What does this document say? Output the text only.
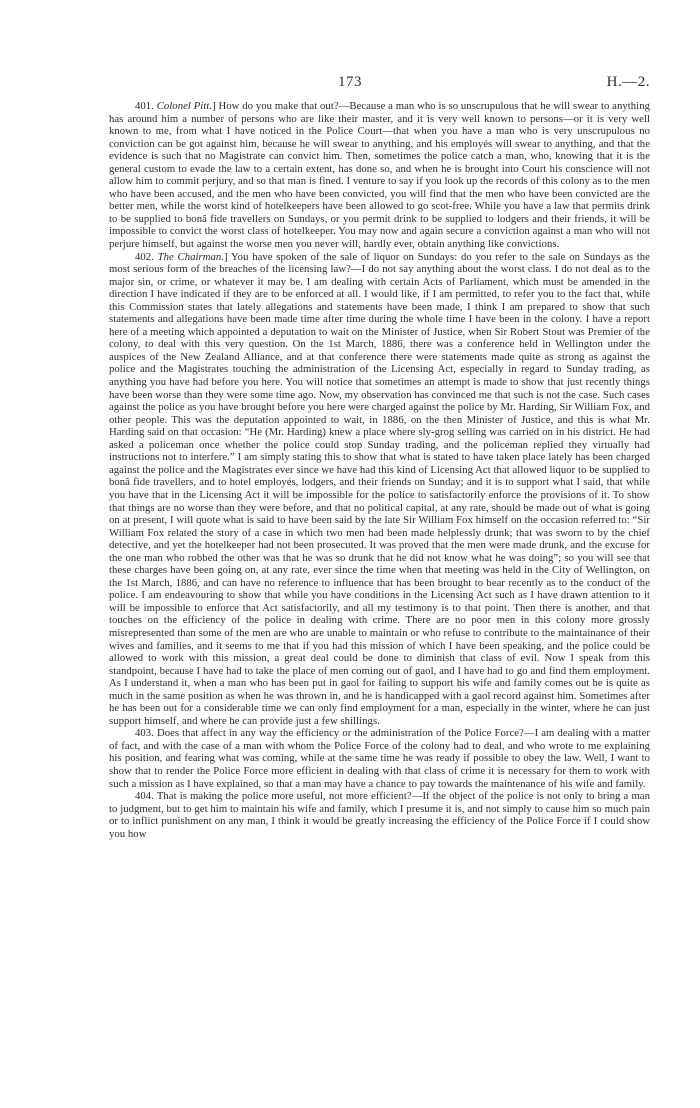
173	H.—2.

401. Colonel Pitt.] How do you make that out?—Because a man who is so unscrupulous that he will swear to anything has around him a number of persons who are like their master, and it is very well known to persons—or it is very well known to me, from what I have noticed in the Police Court—that when you have a man who is very unscrupulous no conviction can be got against him, because he will swear to anything, and his employés will swear to anything, and that the evidence is such that no Magistrate can convict him. Then, sometimes the police catch a man, who, knowing that it is the general custom to evade the law to a certain extent, has done so, and when he is brought into Court his conscience will not allow him to commit perjury, and so that man is fined. I venture to say if you look up the records of this colony as to the men who have been accused, and the men who have been convicted, you will find that the men who have been convicted are the better men, while the worst kind of hotelkeepers have been allowed to go scot-free. While you have a law that permits drink to be supplied to bonâ fide travellers on Sundays, or you permit drink to be supplied to lodgers and their friends, it will be impossible to convict the worst class of hotelkeeper. You may now and again secure a conviction against a man who will not perjure himself, but against the worse men you never will, hardly ever, obtain anything like convictions.

402. The Chairman.] You have spoken of the sale of liquor on Sundays: do you refer to the sale on Sundays as the most serious form of the breaches of the licensing law?—I do not say anything about the worst class. I do not deal as to the major sin, or crime, or whatever it may be. I am dealing with certain Acts of Parliament, which must be amended in the direction I have indicated if they are to be enforced at all. I would like, if I am permitted, to refer you to the fact that, while this Commission states that lately allegations and statements have been made, I think I am prepared to show that such statements and allegations have been made time after time during the whole time I have been in the colony. I have a report here of a meeting which appointed a deputation to wait on the Minister of Justice, when Sir Robert Stout was Premier of the colony, to deal with this very question. On the 1st March, 1886, there was a conference held in Wellington under the auspices of the New Zealand Alliance, and at that conference there were statements made quite as strong as against the police and the Magistrates touching the administration of the Licensing Act, especially in regard to Sunday trading, as anything you have had before you here. You will notice that sometimes an attempt is made to show that just recently things have been worse than they were some time ago. Now, my observation has convinced me that such is not the case. Such cases against the police as you have brought before you here were charged against the police by Mr. Harding, Sir William Fox, and other people. This was the deputation appointed to wait, in 1886, on the then Minister of Justice, and this is what Mr. Harding said on that occasion: “He (Mr. Harding) knew a place where sly-grog selling was carried on in his district. He had asked a policeman once whether the police could stop Sunday trading, and the policeman replied they virtually had instructions not to interfere.” I am simply stating this to show that what is stated to have taken place lately has been charged against the police and the Magistrates ever since we have had this kind of Licensing Act that allowed liquor to be supplied to bonâ fide travellers, and to hotel employés, lodgers, and their friends on Sunday; and it is to support what I said, that while you have that in the Licensing Act it will be impossible for the police to satisfactorily enforce the provisions of it. To show that things are no worse than they were before, and that no political capital, at any rate, should be made out of what is going on at present, I will quote what is said to have been said by the late Sir William Fox himself on the occasion referred to: “Sir William Fox related the story of a case in which two men had been made helplessly drunk; that was sworn to by the chief detective, and yet the hotelkeeper had not been prosecuted. It was proved that the men were made drunk, and the excuse for the one man who robbed the other was that he was so drunk that he did not know what he was doing”; so you will see that these charges have been going on, at any rate, ever since the time when that meeting was held in the City of Wellington, on the 1st March, 1886, and can have no reference to influence that has been brought to bear recently as to the conduct of the police. I am endeavouring to show that while you have conditions in the Licensing Act such as I have drawn attention to it will be impossible to enforce that Act satisfactorily, and all my testimony is to that point. Then there is another, and that touches on the efficiency of the police in dealing with crime. There are no poor men in this colony more grossly misrepresented than some of the men are who are unable to maintain or who refuse to contribute to the maintainance of their wives and families, and it seems to me that if you had this mission of which I have been speaking, and the police could be allowed to work with this mission, a great deal could be done to diminish that class of evil. Now I speak from this standpoint, because I have had to take the place of men coming out of gaol, and I have had to go and find them employment. As I understand it, when a man who has been put in gaol for failing to support his wife and family comes out he is quite as much in the same position as when he was thrown in, and he is handicapped with a gaol record against him. Sometimes after he has been out for a considerable time we can only find employment for a man, especially in the winter, where he can just support himself, and where he can provide just a few shillings.

403. Does that affect in any way the efficiency or the administration of the Police Force?—I am dealing with a matter of fact, and with the case of a man with whom the Police Force of the colony had to deal, and who wrote to me explaining his position, and fearing what was coming, while at the same time he was ready if possible to obey the law. Well, I want to show that to render the Police Force more efficient in dealing with that class of crime it is necessary for them to work with such a mission as I have explained, so that a man may have a chance to pay towards the maintenance of his wife and family.

404. That is making the police more useful, not more efficient?—If the object of the police is not only to bring a man to judgment, but to get him to maintain his wife and family, which I presume it is, and not simply to cause him so much pain or to inflict punishment on any man, I think it would be greatly increasing the efficiency of the Police Force if I could show you how
